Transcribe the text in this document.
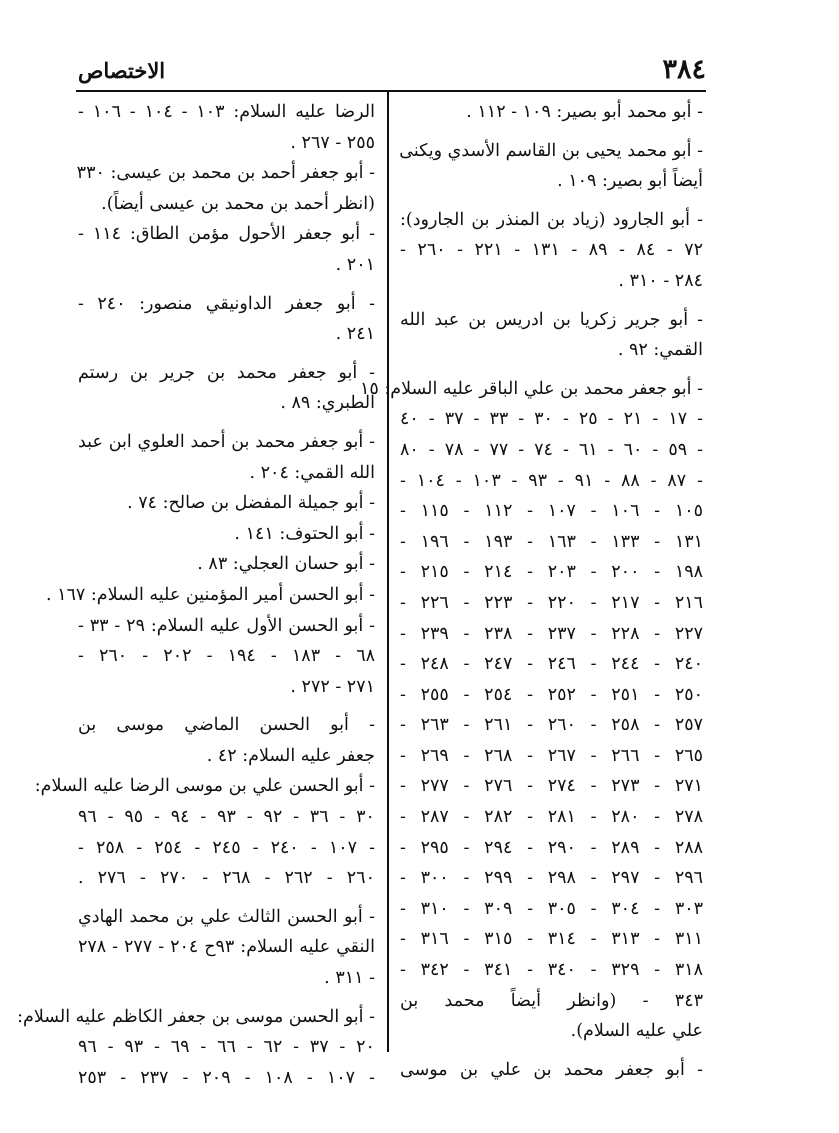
٣٨٤
الاختصاص
- أبو محمد أبو بصير: ١٠٩ - ١١٢ .
- أبو محمد يحيى بن القاسم الأسدي ويكنى
أيضاً أبو بصير: ١٠٩ .
- أبو الجارود (زياد بن المنذر بن الجارود):
٧٢ - ٨٤ - ٨٩ - ١٣١ - ٢٢١ - ٢٦٠ -
٢٨٤ - ٣١٠ .
- أبو جرير زكريا بن ادريس بن عبد الله
القمي: ٩٢ .
- أبو جعفر محمد بن علي الباقر عليه السلام: ١٥
- ١٧ - ٢١ - ٢٥ - ٣٠ - ٣٣ - ٣٧ - ٤٠
- ٥٩ - ٦٠ - ٦١ - ٧٤ - ٧٧ - ٧٨ - ٨٠
- ٨٧ - ٨٨ - ٩١ - ٩٣ - ١٠٣ - ١٠٤ -
١٠٥ - ١٠٦ - ١٠٧ - ١١٢ - ١١٥ -
١٣١ - ١٣٣ - ١٦٣ - ١٩٣ - ١٩٦ -
١٩٨ - ٢٠٠ - ٢٠٣ - ٢١٤ - ٢١٥ -
٢١٦ - ٢١٧ - ٢٢٠ - ٢٢٣ - ٢٢٦ -
٢٢٧ - ٢٢٨ - ٢٣٧ - ٢٣٨ - ٢٣٩ -
٢٤٠ - ٢٤٤ - ٢٤٦ - ٢٤٧ - ٢٤٨ -
٢٥٠ - ٢٥١ - ٢٥٢ - ٢٥٤ - ٢٥٥ -
٢٥٧ - ٢٥٨ - ٢٦٠ - ٢٦١ - ٢٦٣ -
٢٦٥ - ٢٦٦ - ٢٦٧ - ٢٦٨ - ٢٦٩ -
٢٧١ - ٢٧٣ - ٢٧٤ - ٢٧٦ - ٢٧٧ -
٢٧٨ - ٢٨٠ - ٢٨١ - ٢٨٢ - ٢٨٧ -
٢٨٨ - ٢٨٩ - ٢٩٠ - ٢٩٤ - ٢٩٥ -
٢٩٦ - ٢٩٧ - ٢٩٨ - ٢٩٩ - ٣٠٠ -
٣٠٣ - ٣٠٤ - ٣٠٥ - ٣٠٩ - ٣١٠ -
٣١١ - ٣١٣ - ٣١٤ - ٣١٥ - ٣١٦ -
٣١٨ - ٣٢٩ - ٣٤٠ - ٣٤١ - ٣٤٢ -
٣٤٣ - (وانظر أيضاً محمد بن
علي عليه السلام).
- أبو جعفر محمد بن علي بن موسى
الرضا عليه السلام: ١٠٣ - ١٠٤ - ١٠٦ -
٢٥٥ - ٢٦٧ .
- أبو جعفر أحمد بن محمد بن عيسى: ٣٣٠
(انظر أحمد بن محمد بن عيسى أيضاً).
- أبو جعفر الأحول مؤمن الطاق: ١١٤ -
٢٠١ .
- أبو جعفر الداونيقي منصور: ٢٤٠ -
٢٤١ .
- أبو جعفر محمد بن جرير بن رستم
الطبري: ٨٩ .
- أبو جعفر محمد بن أحمد العلوي ابن عبد
الله القمي: ٢٠٤ .
- أبو جميلة المفضل بن صالح: ٧٤ .
- أبو الحتوف: ١٤١ .
- أبو حسان العجلي: ٨٣ .
- أبو الحسن أمير المؤمنين عليه السلام: ١٦٧ .
- أبو الحسن الأول عليه السلام: ٢٩ - ٣٣ -
٦٨ - ١٨٣ - ١٩٤ - ٢٠٢ - ٢٦٠ -
٢٧١ - ٢٧٢ .
- أبو الحسن الماضي موسى بن
جعفر عليه السلام: ٤٢ .
- أبو الحسن علي بن موسى الرضا عليه السلام:
٣٠ - ٣٦ - ٩٢ - ٩٣ - ٩٤ - ٩٥ - ٩٦
- ١٠٧ - ٢٤٠ - ٢٤٥ - ٢٥٤ - ٢٥٨ -
٢٦٠ - ٢٦٢ - ٢٦٨ - ٢٧٠ - ٢٧٦ .
- أبو الحسن الثالث علي بن محمد الهادي
النقي عليه السلام: ٩٣ح ٢٠٤ - ٢٧٧ - ٢٧٨
- ٣١١ .
- أبو الحسن موسى بن جعفر الكاظم عليه السلام:
٢٠ - ٣٧ - ٦٢ - ٦٦ - ٦٩ - ٩٣ - ٩٦
- ١٠٧ - ١٠٨ - ٢٠٩ - ٢٣٧ - ٢٥٣
